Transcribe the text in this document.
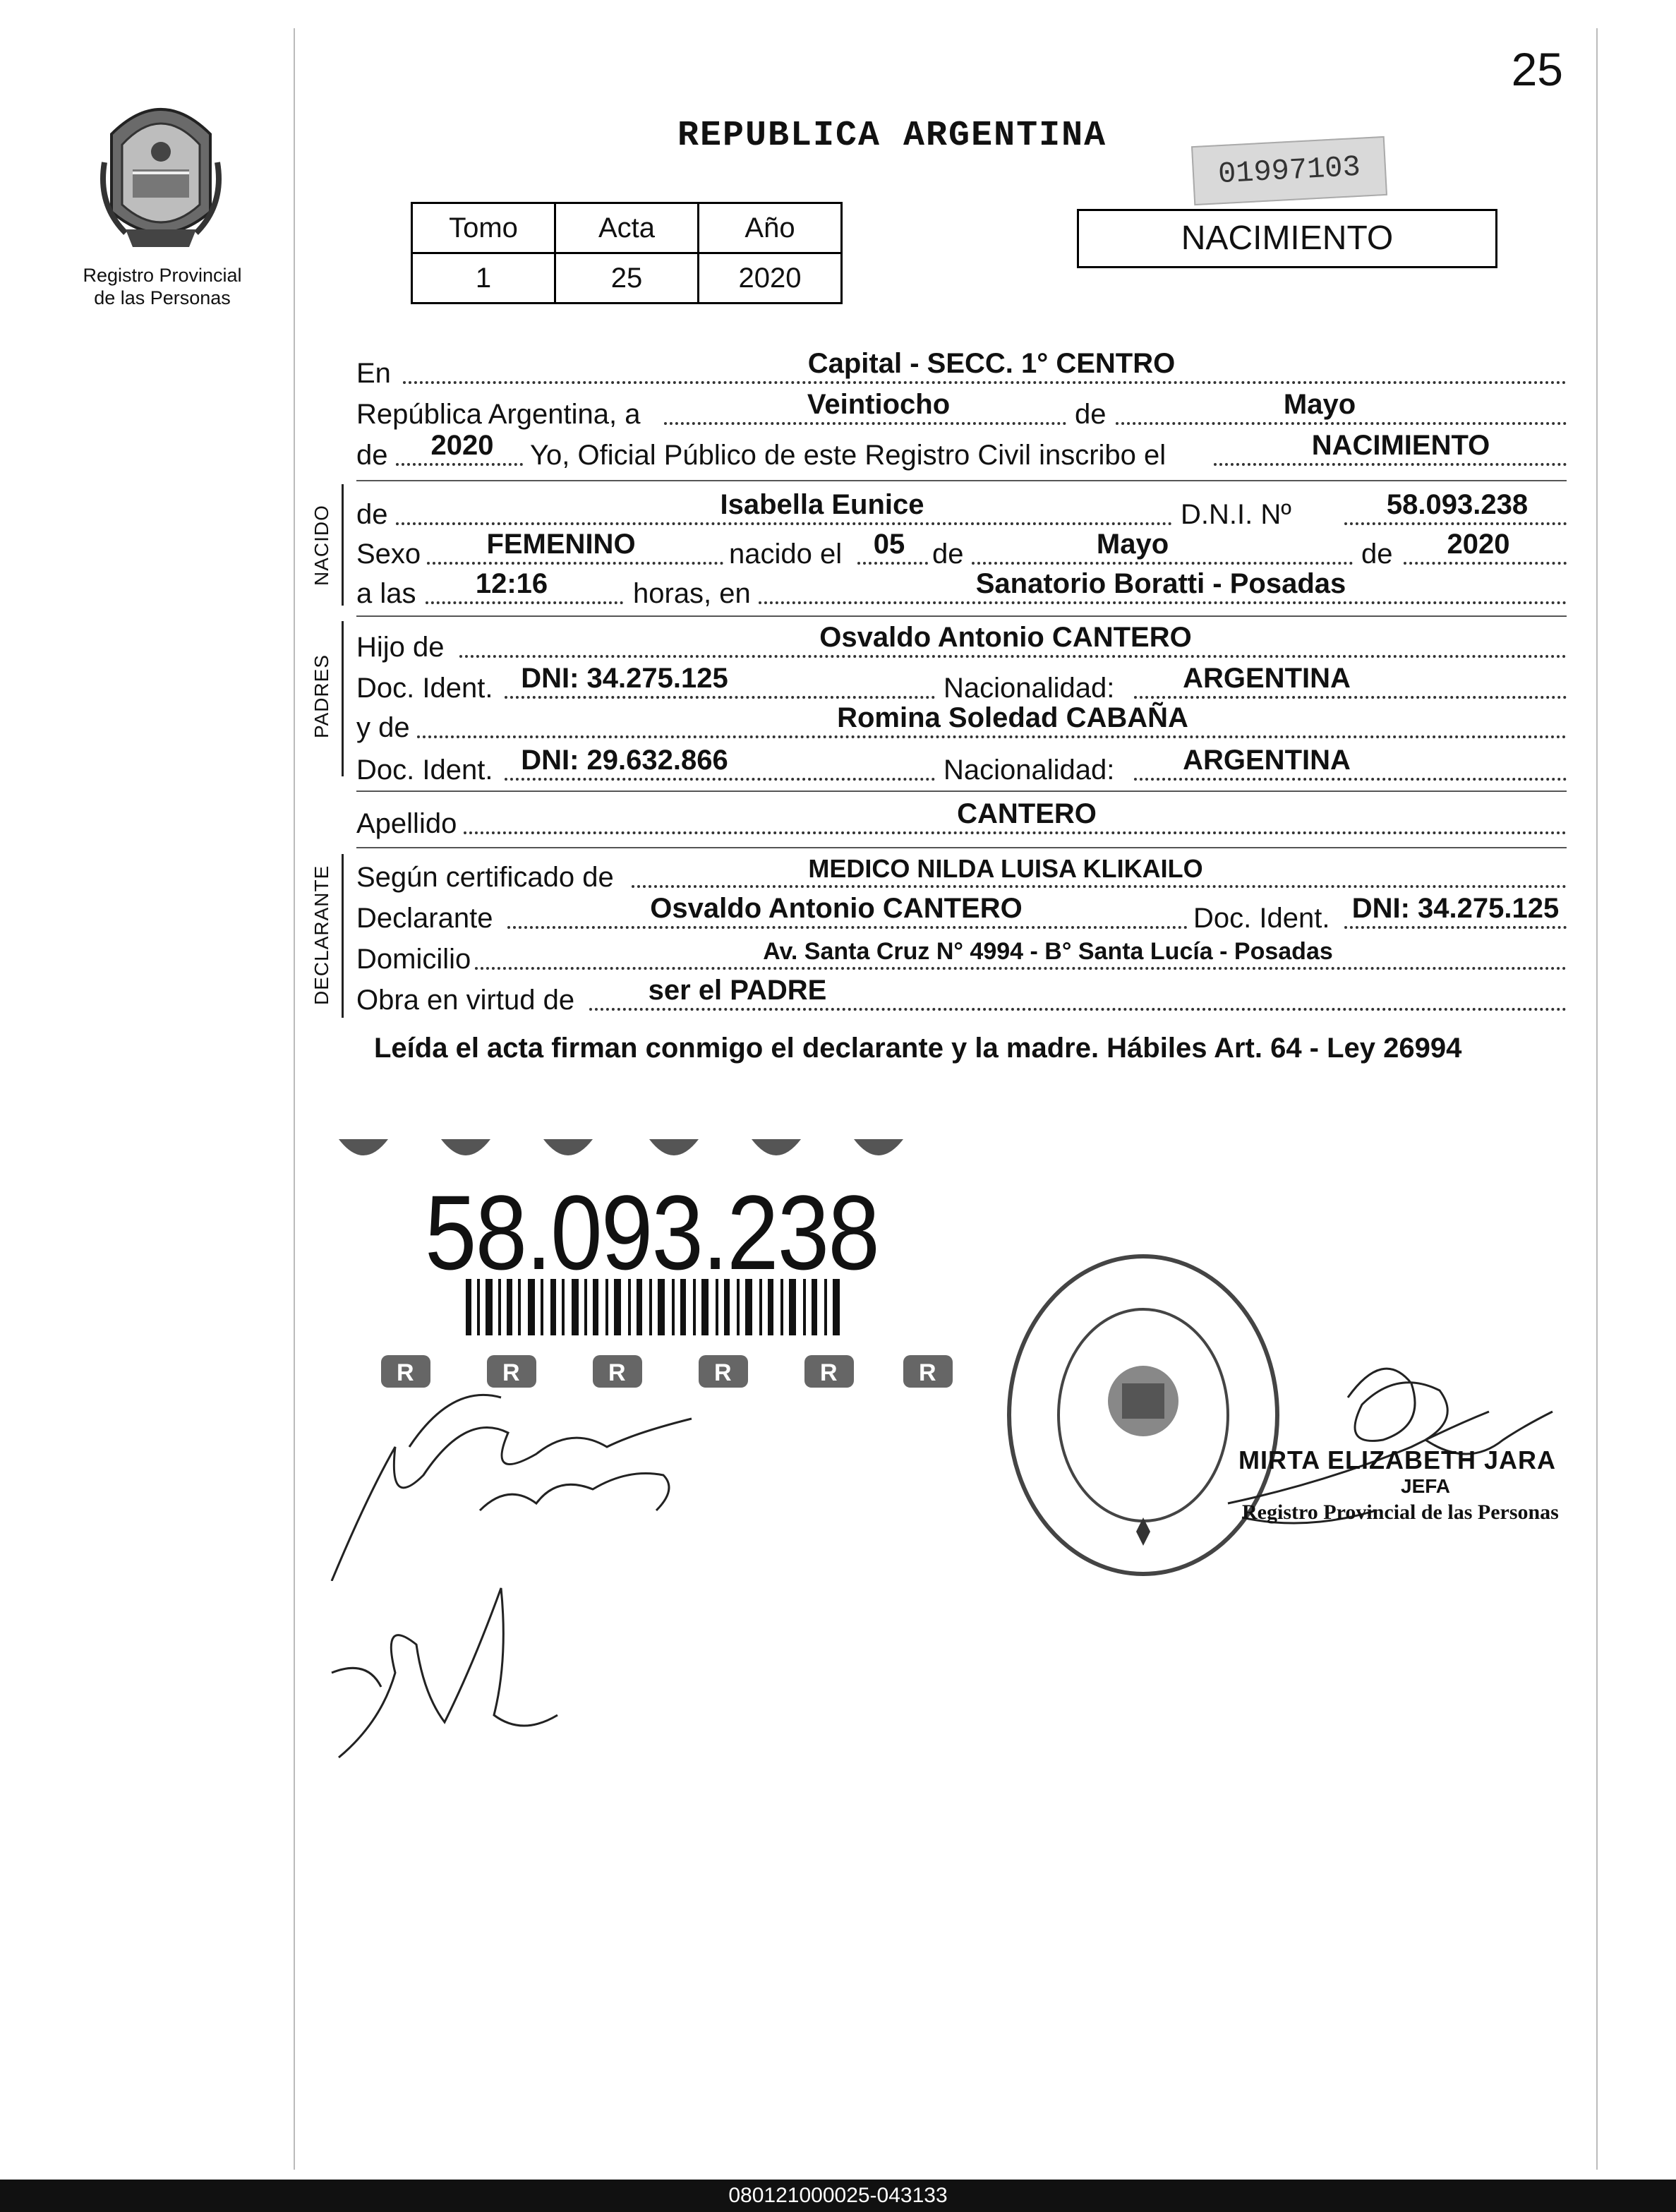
25
Registro Provincial
de las Personas
REPUBLICA ARGENTINA
01997103
NACIMIENTO
Tomo	Acta	Año
1	25	2020
En	Capital - SECC. 1° CENTRO
República Argentina, a	Veintiocho	de	Mayo
de	2020	Yo, Oficial Público de este Registro Civil inscribo el	NACIMIENTO
NACIDO de	Isabella Eunice	D.N.I. Nº	58.093.238
Sexo	FEMENINO	nacido el	05 de	Mayo	de	2020
a las	12:16	horas, en	Sanatorio Boratti - Posadas
PADRES
Hijo de	Osvaldo Antonio CANTERO
Doc. Ident. DNI: 34.275.125	Nacionalidad:	ARGENTINA
y de	Romina Soledad CABAÑA
Doc. Ident. DNI: 29.632.866	Nacionalidad:	ARGENTINA
Apellido	CANTERO
DECLARANTE Según certificado de	MEDICO NILDA LUISA KLIKAILO
Declarante	Osvaldo Antonio CANTERO	Doc. Ident. DNI: 34.275.125
Domicilio	Av. Santa Cruz N° 4994 - B° Santa Lucía - Posadas
Obra en virtud de	ser el PADRE
Leída el acta firman conmigo el declarante y la madre. Hábiles Art. 64 - Ley 26994
R	R	R	R	R	R
58.093.238
MIRTA ELIZABETH JARA
JEFA
Registro Provincial de las Personas
080121000025-043133
